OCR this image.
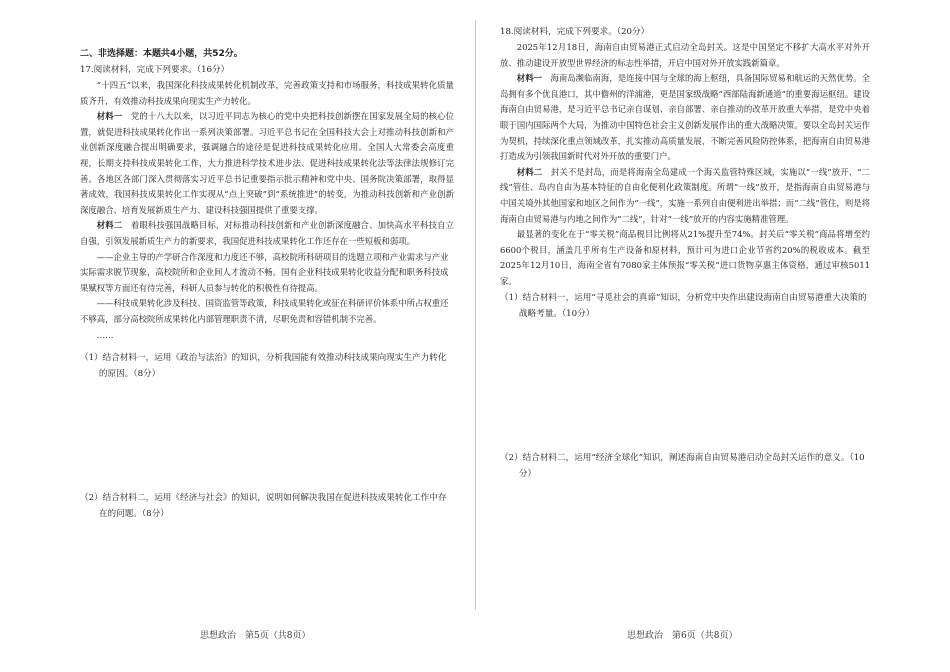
二、非选择题：本题共4小题，共52分。
17.阅读材料，完成下列要求。（16分）

“十四五”以来，我国深化科技成果转化机制改革，完善政策支持和市场服务，科技成果转化质量质齐升，有效推动科技成果向现实生产力转化。

材料一　 党的十八大以来，以习近平同志为核心的党中央把科技创新摆在国家发展全局的核心位置，就促进科技成果转化作出一系列决策部署。习近平总书记在全国科技大会上对推动科技创新和产业创新深度融合提出明确要求，强调融合的途径是促进科技成果转化应用。全国人大常委会高度重视，长期支持科技成果转化工作，大力推进科学技术进步法、促进科技成果转化法等法律法规修订完善。各地区各部门深入贯彻落实习近平总书记重要指示批示精神和党中央、国务院决策部署，取得显著成效，我国科技成果转化工作实现从“点上突破”到“系统推进”的转变，为推动科技创新和产业创新深度融合、培育发展新质生产力、建设科技强国提供了重要支撑。

材料二　 着眼科技强国战略目标，对标推动科技创新和产业创新深度融合、加快高水平科技自立自强，引领发展新质生产力的新要求，我国促进科技成果转化工作还存在一些短板和弱项。

——企业主导的产学研合作深度和力度还不够，高校院所科研项目的选题立项和产业需求与产业实际需求脱节现象，高校院所和企业间人才流动不畅。国有企业科技成果转化收益分配和职务科技成果赋权等方面还有待完善，科研人员参与转化的积极性有待提高。

——科技成果转化涉及科技、国资监管等政策，科技成果转化或征在科研评价体系中所占权重还不够高，部分高校院所成果转化内部管理职责不清，尽职免责和容错机制不完善。

……

（1）结合材料一，运用《政治与法治》的知识，分析我国能有效推动科技成果向现实生产力转化的原因。（8分）

（2）结合材料二，运用《经济与社会》的知识，说明如何解决我国在促进科技成果转化工作中存在的问题。（8分）

18.阅读材料，完成下列要求。（20分）

2025年12月18日，海南自由贸易港正式启动全岛封关。这是中国坚定不移扩大高水平对外开放、推动建设开放型世界经济的标志性举措，开启中国对外开放实践新篇章。

材料一　 海南岛濒临南海，是连接中国与全球的海上枢纽，具备国际贸易和航运的天然优势。全岛拥有多个优良港口，其中儋州的洋浦港，更是国家级战略“西部陆海新通道”的重要海运枢纽。建设海南自由贸易港，是习近平总书记亲自谋划、亲自部署、亲自推动的改革开放重大举措，是党中央着眼于国内国际两个大局，为推动中国特色社会主义创新发展作出的重大战略决策。要以全岛封关运作为契机，持续深化重点领域改革，扎实推动高质量发展，不断完善风险防控体系，把海南自由贸易港打造成为引领我国新时代对外开放的重要门户。

材料二　 封关不是封岛，而是将海南全岛建成一个海关监管特殊区域，实施以“一线”放开、“二线”管住、岛内自由为基本特征的自由化便利化政策制度。所谓“一线”放开，是指海南自由贸易港与中国关境外其他国家和地区之间作为“一线”，实施一系列自由便利进出举措；而“二线”管住，则是将海南自由贸易港与内地之间作为“二线”，针对“一线”放开的内容实施精准管理。

最显著的变化在于“零关税”商品税目比例将从21%提升至74%。封关后“零关税”商品将增至约6600个税目，涵盖几乎所有生产设备和原材料，预计可为进口企业节省约20%的税收成本。截至2025年12月10日，海南全省有7080家主体预报“零关税”进口货物享惠主体资格，通过审核5011家。

（1）结合材料一，运用“寻觅社会的真谛”知识，分析党中央作出建设海南自由贸易港重大决策的战略考量。（10分）

（2）结合材料二，运用“经济全球化”知识，阐述海南自由贸易港启动全岛封关运作的意义。（10分）

思想政治　第5页（共8页）	思想政治　第6页（共8页）
